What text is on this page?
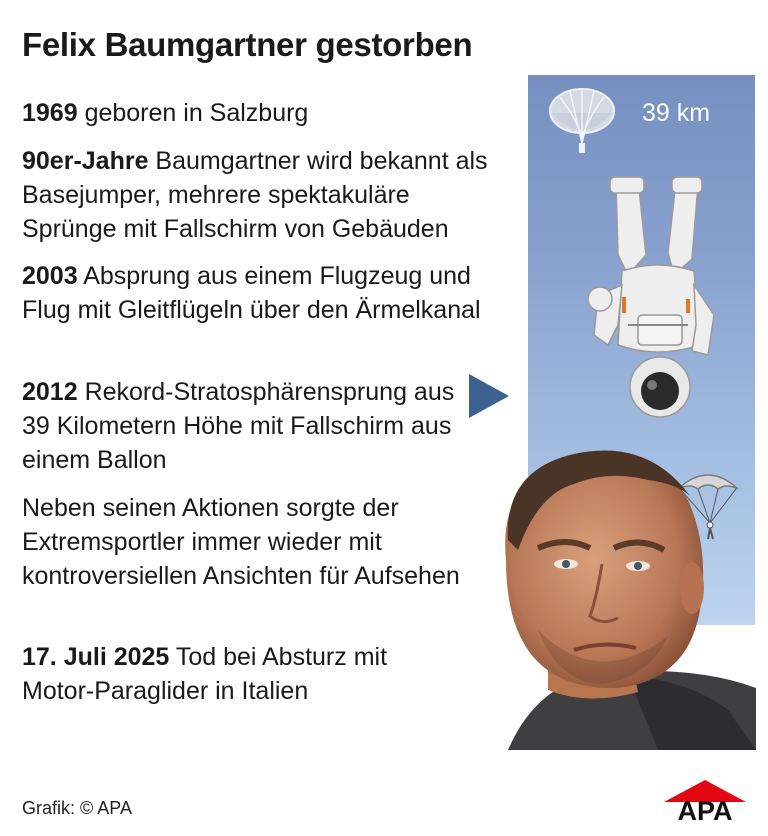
Felix Baumgartner gestorben
1969 geboren in Salzburg
90er-Jahre Baumgartner wird bekannt als Basejumper, mehrere spektakuläre Sprünge mit Fallschirm von Gebäuden
2003 Absprung aus einem Flugzeug und Flug mit Gleitflügeln über den Ärmelkanal
2012 Rekord-Stratosphärensprung aus 39 Kilometern Höhe mit Fallschirm aus einem Ballon
Neben seinen Aktionen sorgte der Extremsportler immer wieder mit kontroversiellen Ansichten für Aufsehen
17. Juli 2025 Tod bei Absturz mit Motor-Paraglider in Italien
39 km
Grafik: © APA	APA
